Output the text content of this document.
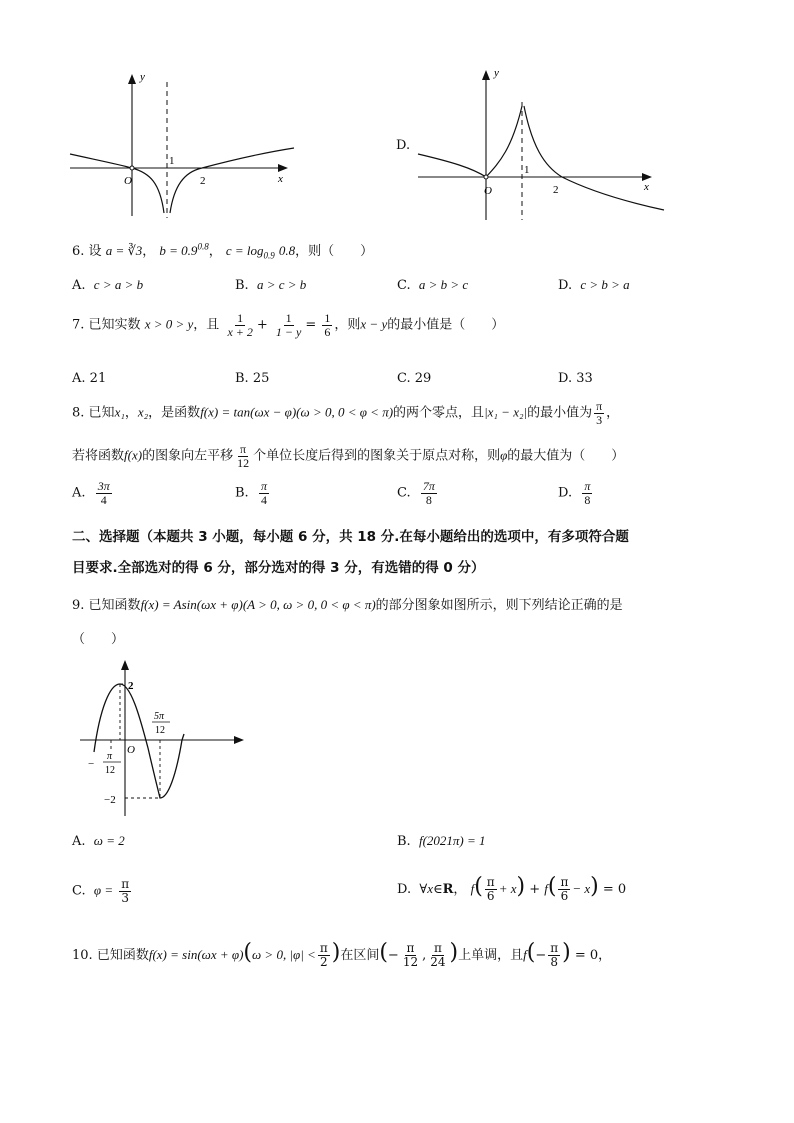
y
x
O
1
2
D.
y
x
O
1
2
6. 设 a = ∛3， $b = 0.9^{0.8}$， $c = \log_{0.9} 0.8$，则（　　）
A. c > a > b	B. a > c > b	C. a > b > c	D. c > b > a
7. 已知实数 x > 0 > y，且 $\frac{1}{x + 2} + \frac{1}{1 - y} = \frac{1}{6}$ ，则x − y的最小值是（　　）
A. 21	B. 25	C. 29	D. 33
8. 已知x₁，x₂，是函数f(x) = tan(ωx − φ)(ω > 0, 0 < φ < π)的两个零点，且|x₁ − x₂|的最小值为 $\frac{\pi}{3}$ ，
若将函数f(x)的图象向左平移 $\frac{\pi}{12}$ 个单位长度后得到的图象关于原点对称，则φ的最大值为（　　）
A. $\frac{3\pi}{4}$	B. $\frac{\pi}{4}$	C. $\frac{7\pi}{8}$	D. $\frac{\pi}{8}$
二、选择题（本题共 3 小题，每小题 6 分，共 18 分.在每小题给出的选项中，有多项符合题
目要求.全部选对的得 6 分，部分选对的得 3 分，有选错的得 0 分）
9. 已知函数f(x) = Asin(ωx + φ)(A > 0, ω > 0, 0 < φ < π)的部分图象如图所示，则下列结论正确的是
（　　）
2
O
−2
−
π
12
5π
12
A. ω = 2	B. f(2021π) = 1
C. $\varphi = \frac{\pi}{3}$	D. ∀x∈R， $f( \frac{\pi}{6} + x) + f( \frac{\pi}{6} - x) = 0$
10. 已知函数f(x) = sin(ωx + φ)(ω > 0, $|\varphi| < \frac{\pi}{2}$ )在区间(− $\frac{\pi}{12}$ , $\frac{\pi}{24}$ )上单调，且$f(- \frac{\pi}{8}$ ) = 0，
